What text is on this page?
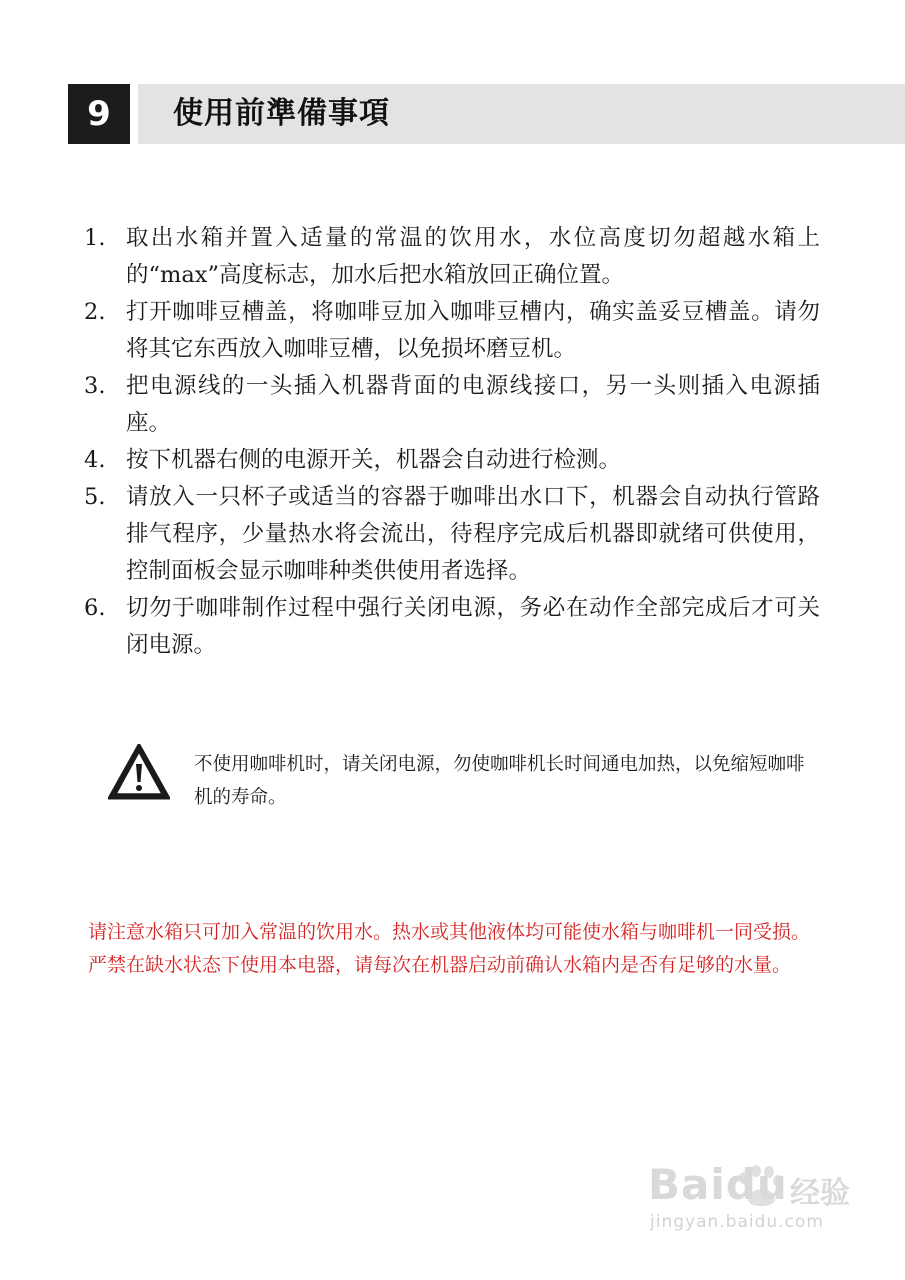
9	使用前準備事項
1. 取出水箱并置入适量的常温的饮用水，水位高度切勿超越水箱上的“max”高度标志，加水后把水箱放回正确位置。
2. 打开咖啡豆槽盖，将咖啡豆加入咖啡豆槽内，确实盖妥豆槽盖。请勿将其它东西放入咖啡豆槽，以免损坏磨豆机。
3. 把电源线的一头插入机器背面的电源线接口，另一头则插入电源插座。
4. 按下机器右侧的电源开关，机器会自动进行检测。
5. 请放入一只杯子或适当的容器于咖啡出水口下，机器会自动执行管路排气程序，少量热水将会流出，待程序完成后机器即就绪可供使用，控制面板会显示咖啡种类供使用者选择。
6. 切勿于咖啡制作过程中强行关闭电源，务必在动作全部完成后才可关闭电源。
不使用咖啡机时，请关闭电源，勿使咖啡机长时间通电加热，以免缩短咖啡机的寿命。
请注意水箱只可加入常温的饮用水。热水或其他液体均可能使水箱与咖啡机一同受损。严禁在缺水状态下使用本电器，请每次在机器启动前确认水箱内是否有足够的水量。
Baidu 经验
jingyan.baidu.com
